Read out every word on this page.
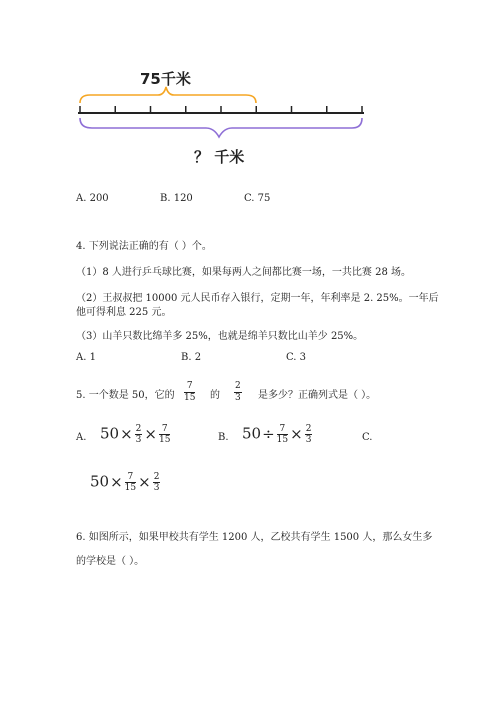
75千米
？ 千米
A. 200	B. 120	C. 75
4. 下列说法正确的有（ ）个。
（1）8 人进行乒乓球比赛，如果每两人之间都比赛一场，一共比赛 28 场。
（2）王叔叔把 10000 元人民币存入银行，定期一年，年利率是 2. 25%。一年后
他可得利息 225 元。
（3）山羊只数比绵羊多 25%，也就是绵羊只数比山羊少 25%。
A. 1	B. 2	C. 3
5. 一个数是 50，它的 $\frac{7}{15}$ 的 $\frac{2}{3}$ 是多少？正确列式是（ ）。
A. $50\times \frac{2}{3} \times \frac{7}{15}$	B. $50\div \frac{7}{15} \times \frac{2}{3}$	C.
$50\times \frac{7}{15} \times \frac{2}{3}$
6. 如图所示，如果甲校共有学生 1200 人，乙校共有学生 1500 人，那么女生多
的学校是（ ）。
